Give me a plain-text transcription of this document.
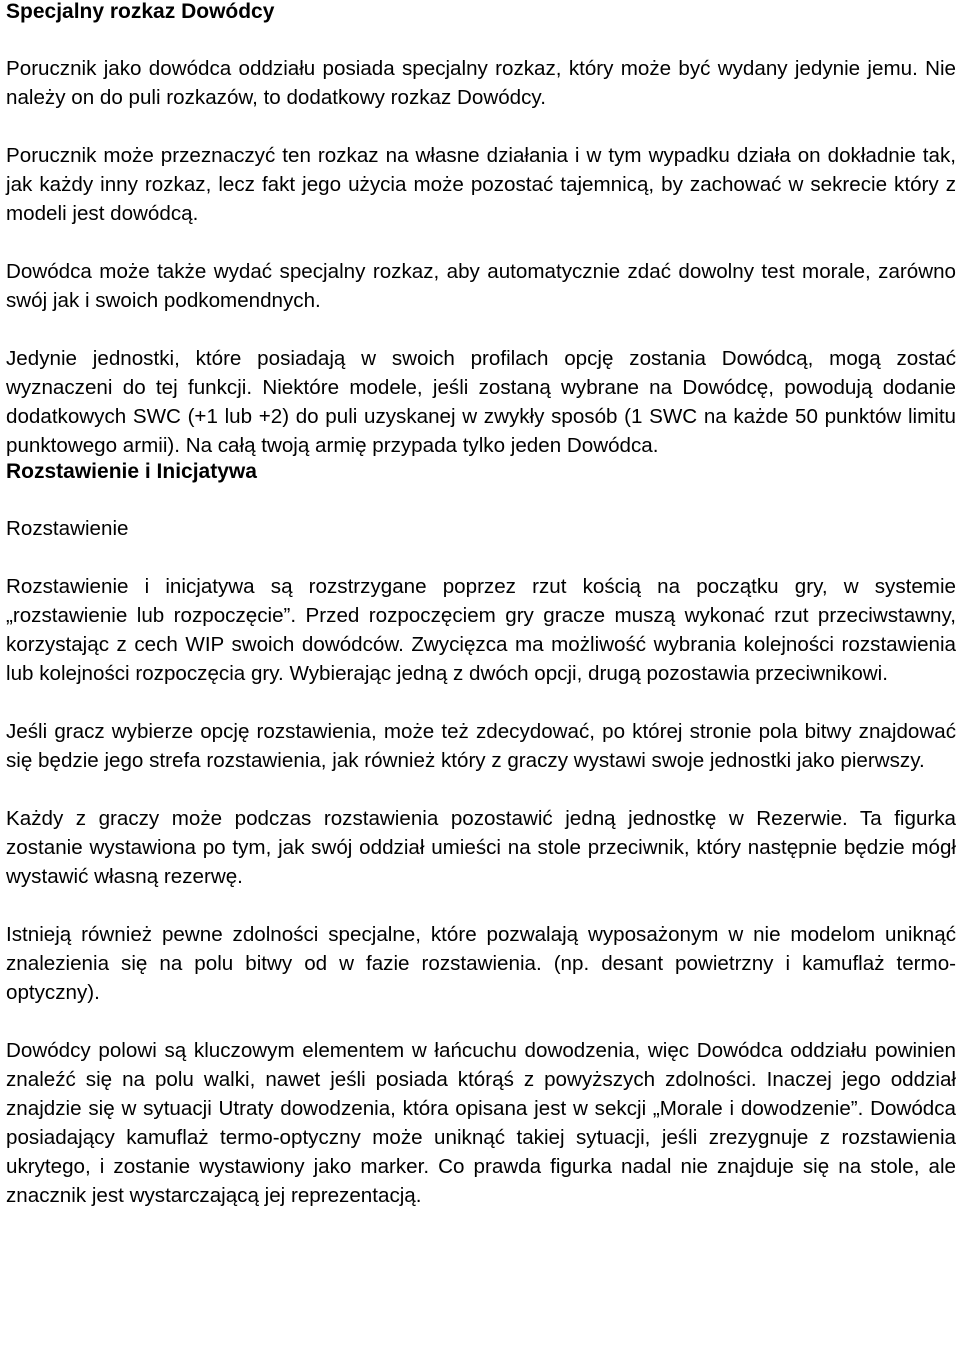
Specjalny rozkaz Dowódcy

Porucznik jako dowódca oddziału posiada specjalny rozkaz, który może być wydany jedynie jemu. Nie należy on do puli rozkazów, to dodatkowy rozkaz Dowódcy.

Porucznik może przeznaczyć ten rozkaz na własne działania i w tym wypadku działa on dokładnie tak, jak każdy inny rozkaz, lecz fakt jego użycia może pozostać tajemnicą, by zachować w sekrecie który z modeli jest dowódcą.

Dowódca może także wydać specjalny rozkaz, aby automatycznie zdać dowolny test morale, zarówno swój jak i swoich podkomendnych.

Jedynie jednostki, które posiadają w swoich profilach opcję zostania Dowódcą, mogą zostać wyznaczeni do tej funkcji. Niektóre modele, jeśli zostaną wybrane na Dowódcę, powodują dodanie dodatkowych SWC (+1 lub +2) do puli uzyskanej w zwykły sposób (1 SWC na każde 50 punktów limitu punktowego armii). Na całą twoją armię przypada tylko jeden Dowódca.

Rozstawienie i Inicjatywa
Rozstawienie

Rozstawienie i inicjatywa są rozstrzygane poprzez rzut kością na początku gry, w systemie „rozstawienie lub rozpoczęcie”. Przed rozpoczęciem gry gracze muszą wykonać rzut przeciwstawny, korzystając z cech WIP swoich dowódców. Zwycięzca ma możliwość wybrania kolejności rozstawienia lub kolejności rozpoczęcia gry. Wybierając jedną z dwóch opcji, drugą pozostawia przeciwnikowi.

Jeśli gracz wybierze opcję rozstawienia, może też zdecydować, po której stronie pola bitwy znajdować się będzie jego strefa rozstawienia, jak również który z graczy wystawi swoje jednostki jako pierwszy.

Każdy z graczy może podczas rozstawienia pozostawić jedną jednostkę w Rezerwie. Ta figurka zostanie wystawiona po tym, jak swój oddział umieści na stole przeciwnik, który następnie będzie mógł wystawić własną rezerwę.

Istnieją również pewne zdolności specjalne, które pozwalają wyposażonym w nie modelom uniknąć znalezienia się na polu bitwy od w fazie rozstawienia. (np. desant powietrzny i kamuflaż termo-optyczny).

Dowódcy polowi są kluczowym elementem w łańcuchu dowodzenia, więc Dowódca oddziału powinien znaleźć się na polu walki, nawet jeśli posiada którąś z powyższych zdolności. Inaczej jego oddział znajdzie się w sytuacji Utraty dowodzenia, która opisana jest w sekcji „Morale i dowodzenie”. Dowódca posiadający kamuflaż termo-optyczny może uniknąć takiej sytuacji, jeśli zrezygnuje z rozstawienia ukrytego, i zostanie wystawiony jako marker. Co prawda figurka nadal nie znajduje się na stole, ale znacznik jest wystarczającą jej reprezentacją.
